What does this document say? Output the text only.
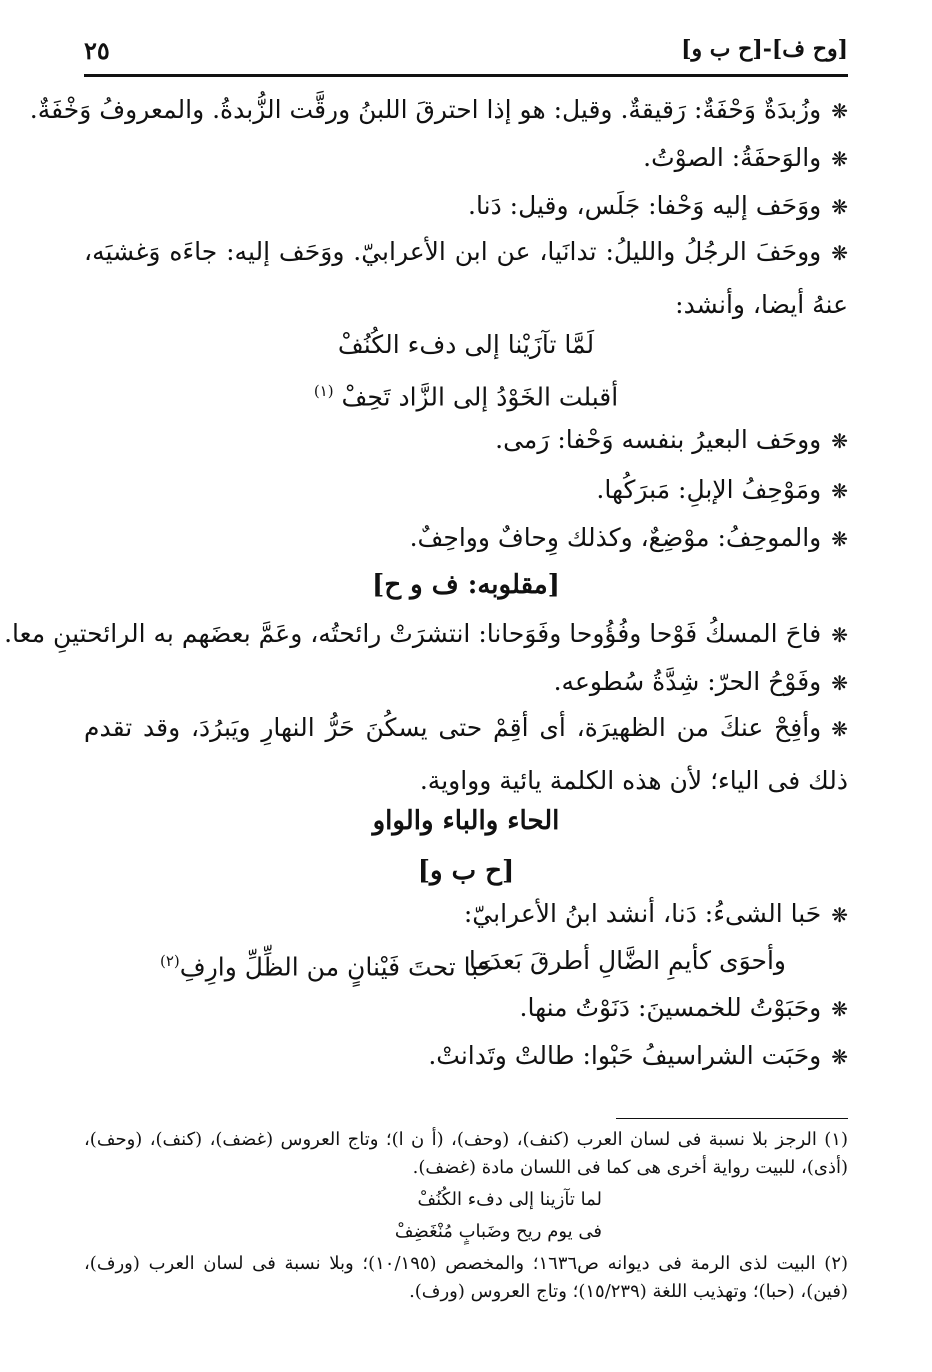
[وح ف]-[ح ب و]
٢٥
❋وزُبدَةٌ وَحْفَةٌ: رَقيقةٌ. وقيل: هو إذا احترقَ اللبنُ ورقَّت الزُّبدةُ. والمعروفُ وَخْفَةٌ.
❋والوَحفَةُ: الصوْتُ.
❋ووَحَف إليه وَحْفا: جَلَس، وقيل: دَنا.
❋ووحَفَ الرجُلُ والليلُ: تدانَيا، عن ابن الأعرابيّ. ووَحَف إليه: جاءَه وَغشيَه، عنهُ أيضا، وأنشد:
لَمَّا تآزَيْنا إلى دفء الكُنُفْ
أقبلت الخَوْدُ إلى الزَّاد تَحِفْ $^{(١)}$
❋ووحَف البعيرُ بنفسه وَحْفا: رَمى.
❋ومَوْحِفُ الإبلِ: مَبرَكُها.
❋والموحِفُ: موْضِعٌ، وكذلك وِحافٌ وواحِفٌ.
[مقلوبه: ف و ح]
❋فاحَ المسكُ فَوْحا وفُؤُوحا وفَوَحانا: انتشرَتْ رائحتُه، وعَمَّ بعضَهم به الرائحتينِ معا.
❋وفَوْحُ الحرّ: شِدَّةُ سُطوعه.
❋وأفِحْ عنكَ من الظهيرَة، أى أقِمْ حتى يسكُنَ حَرُّ النهارِ ويَبرُدَ، وقد تقدم ذلك فى الياء؛ لأن هذه الكلمة يائية وواوية.
الحاء والباء والواو
[ح ب و]
❋حَبا الشىءُ: دَنا، أنشد ابنُ الأعرابيّ:
وأحوَى كأيمِ الضَّالِ أطرقَ بَعدَما
حَبا تحتَ فَيْنانٍ من الظِّلِّ وارِفِ$^{(٢)}$
❋وحَبَوْتُ للخمسينَ: دَنَوْتُ منها.
❋وحَبَت الشراسيفُ حَبْوا: طالتْ وتَدانتْ.
(١) الرجز بلا نسبة فى لسان العرب (كنف)، (وحف)، (أ ن ا)؛ وتاج العروس (غضف)، (كنف)، (وحف)، (أذى)، للبيت رواية أخرى هى كما فى اللسان مادة (غضف).
لما تآزينا إلى دفء الكُنُفْ
فى يوم ريح وضَبابٍ مُنْغَضِفْ
(٢) البيت لذى الرمة فى ديوانه ص١٦٣٦؛ والمخصص (١٠/١٩٥)؛ وبلا نسبة فى لسان العرب (ورف)، (فين)، (حبا)؛ وتهذيب اللغة (١٥/٢٣٩)؛ وتاج العروس (ورف).
